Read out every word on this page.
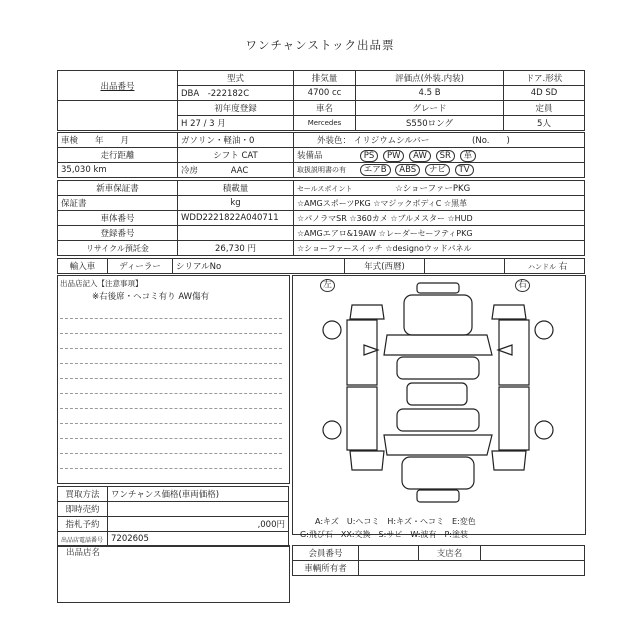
ワンチャンストック出品票
出品番号	型式	排気量	評価点(外装.内装)	ドア.形状
	DBA　-222182C	4700 cc	4.5 B	4D SD
	初年度登録	車名	グレード	定員
	H 27 / 3 月	Mercedes	S550ロング	5人
車検　　年　　月	ガソリン・軽油・0	外装色： イリジウムシルバー (No.　　)
走行距離	シフト CAT	装備品 PS PW AW SR 革
35,030 km	冷房 AAC	取扱説明書の有 エアB ABS ナビ TV
新車保証書	積載量	セールスポイント ☆ショーファーPKG
保証書	kg	☆AMGスポーツPKG ☆マジックボディC ☆黒革
車体番号	WDD2221822A040711	☆パノラマSR ☆360カメ ☆ブルメスター ☆HUD
登録番号		☆AMGエアロ&19AW ☆レーダーセーフティPKG
リサイクル預託金	26,730 円	☆ショーファースイッチ ☆designoウッドパネル
輸入車	ディーラー	シリアルNo	年式(西暦)		ハンドル 右
出品店記入【注意事項】
※右後席・ヘコミ有り AW傷有
左	右
A:キズ　U:ヘコミ　H:キズ・ヘコミ　E:変色
G:飛び石　XX:交換　S:サビ　W:波有　P:塗装
買取方法	ワンチャンス価格(車両価格)
即時売約	
指札予約	,000円
出品店電話番号	7202605
出品店名	会員番号		支店名	
車輌所有者			
